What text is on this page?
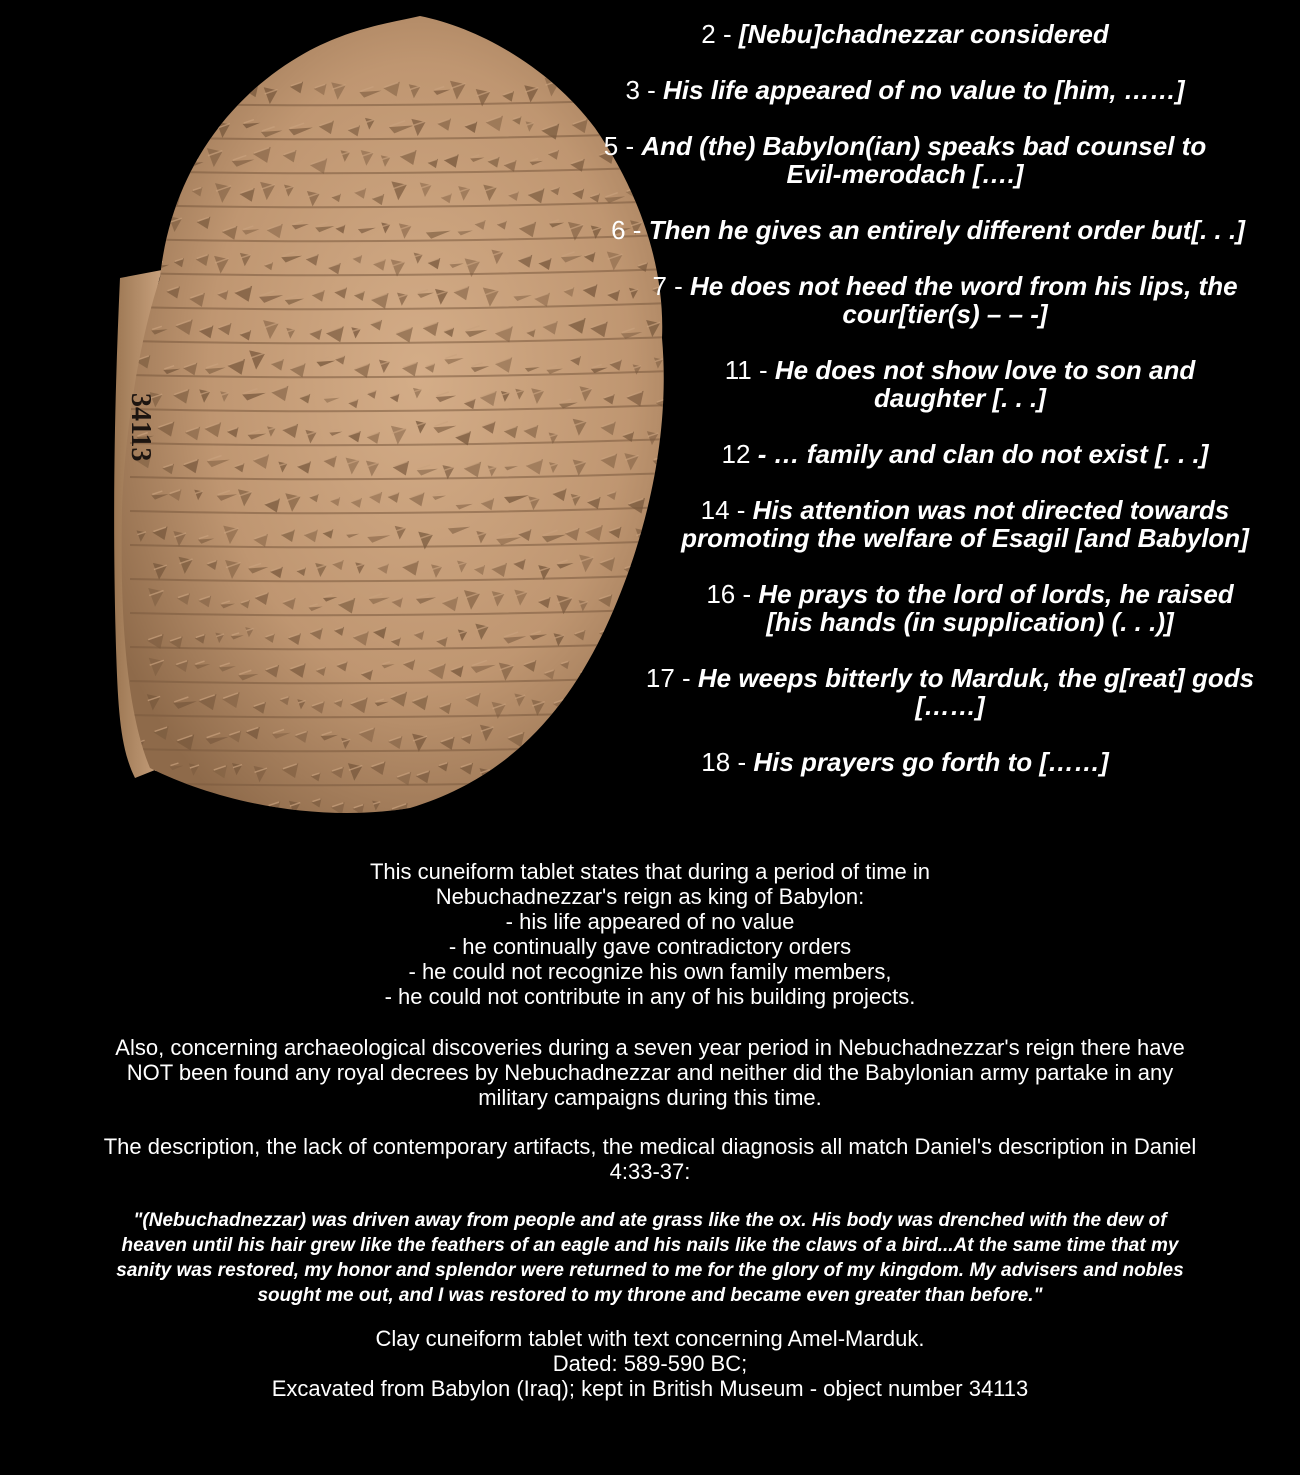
34113
2 - [Nebu]chadnezzar considered
3 - His life appeared of no value to [him, ……]
5 - And (the) Babylon(ian) speaks bad counsel to
Evil-merodach [….]
6 - Then he gives an entirely different order but[. . .]
7 - He does not heed the word from his lips, the
cour[tier(s) – – -]
11 - He does not show love to son and
daughter [. . .]
12 - … family and clan do not exist [. . .]
14 - His attention was not directed towards
promoting the welfare of Esagil [and Babylon]
16 - He prays to the lord of lords, he raised
[his hands (in supplication) (. . .)]
17 - He weeps bitterly to Marduk, the g[reat] gods
[……]
18 - His prayers go forth to [……]
This cuneiform tablet states that during a period of time in
Nebuchadnezzar's reign as king of Babylon:
- his life appeared of no value
- he continually gave contradictory orders
- he could not recognize his own family members,
- he could not contribute in any of his building projects.
Also, concerning archaeological discoveries during a seven year period in Nebuchadnezzar's reign there have
NOT been found any royal decrees by Nebuchadnezzar and neither did the Babylonian army partake in any
military campaigns during this time.
The description, the lack of contemporary artifacts, the medical diagnosis all match Daniel's description in Daniel
4:33-37:
"(Nebuchadnezzar) was driven away from people and ate grass like the ox. His body was drenched with the dew of
heaven until his hair grew like the feathers of an eagle and his nails like the claws of a bird...At the same time that my
sanity was restored, my honor and splendor were returned to me for the glory of my kingdom. My advisers and nobles
sought me out, and I was restored to my throne and became even greater than before."
Clay cuneiform tablet with text concerning Amel-Marduk.
Dated: 589-590 BC;
Excavated from Babylon (Iraq); kept in British Museum - object number 34113
